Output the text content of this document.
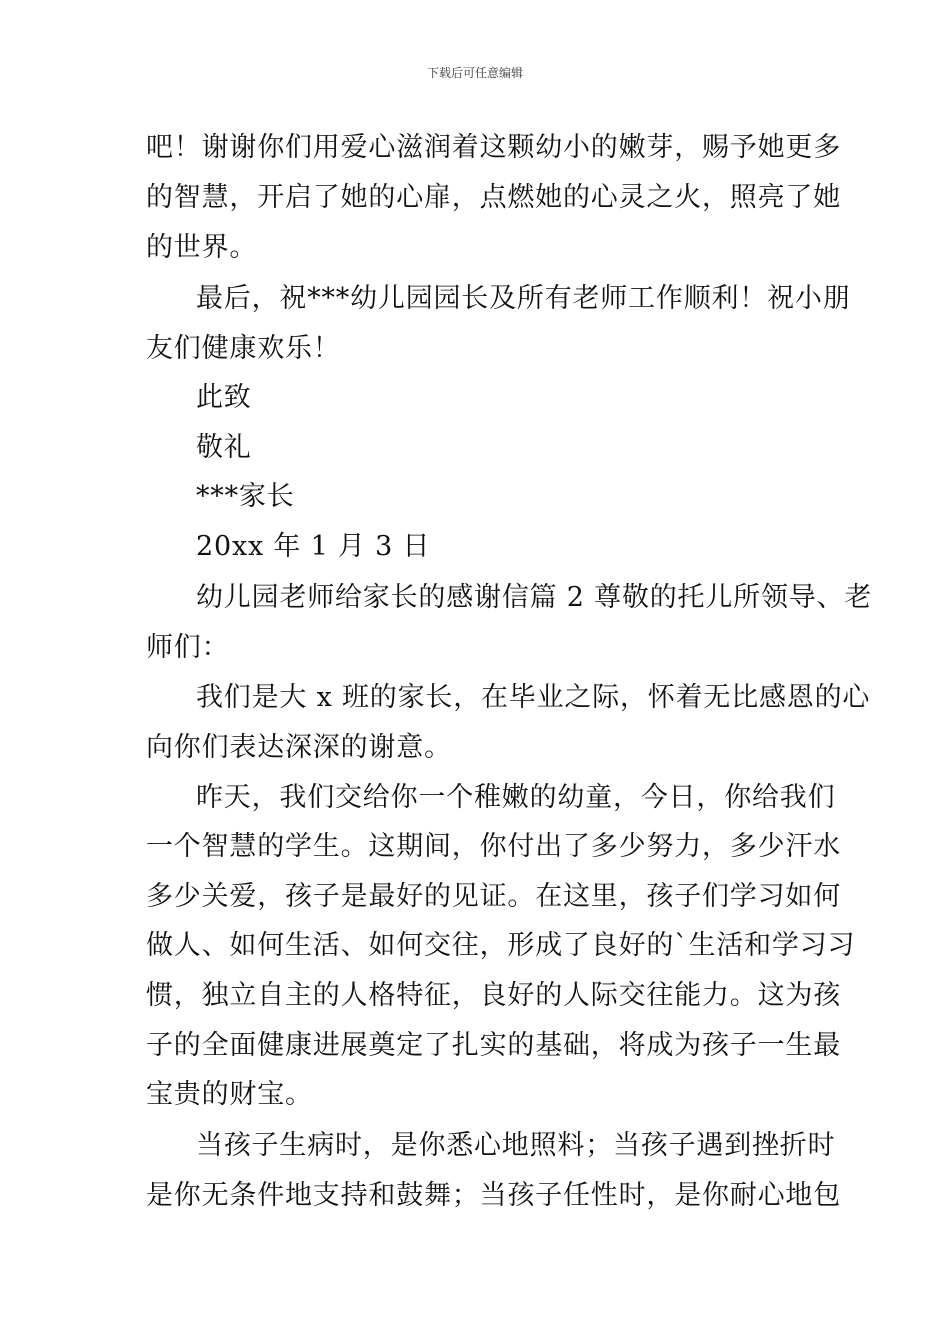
下载后可任意编辑
吧！谢谢你们用爱心滋润着这颗幼小的嫩芽，赐予她更多
的智慧，开启了她的心扉，点燃她的心灵之火，照亮了她
的世界。
最后，祝***幼儿园园长及所有老师工作顺利！祝小朋
友们健康欢乐！
此致
敬礼
***家长
20xx 年 1 月 3 日
幼儿园老师给家长的感谢信篇 2 尊敬的托儿所领导、老
师们：
我们是大 x 班的家长，在毕业之际，怀着无比感恩的心
向你们表达深深的谢意。
昨天，我们交给你一个稚嫩的幼童，今日，你给我们
一个智慧的学生。这期间，你付出了多少努力，多少汗水
多少关爱，孩子是最好的见证。在这里，孩子们学习如何
做人、如何生活、如何交往，形成了良好的`生活和学习习
惯，独立自主的人格特征，良好的人际交往能力。这为孩
子的全面健康进展奠定了扎实的基础，将成为孩子一生最
宝贵的财宝。
当孩子生病时，是你悉心地照料；当孩子遇到挫折时
是你无条件地支持和鼓舞；当孩子任性时，是你耐心地包
